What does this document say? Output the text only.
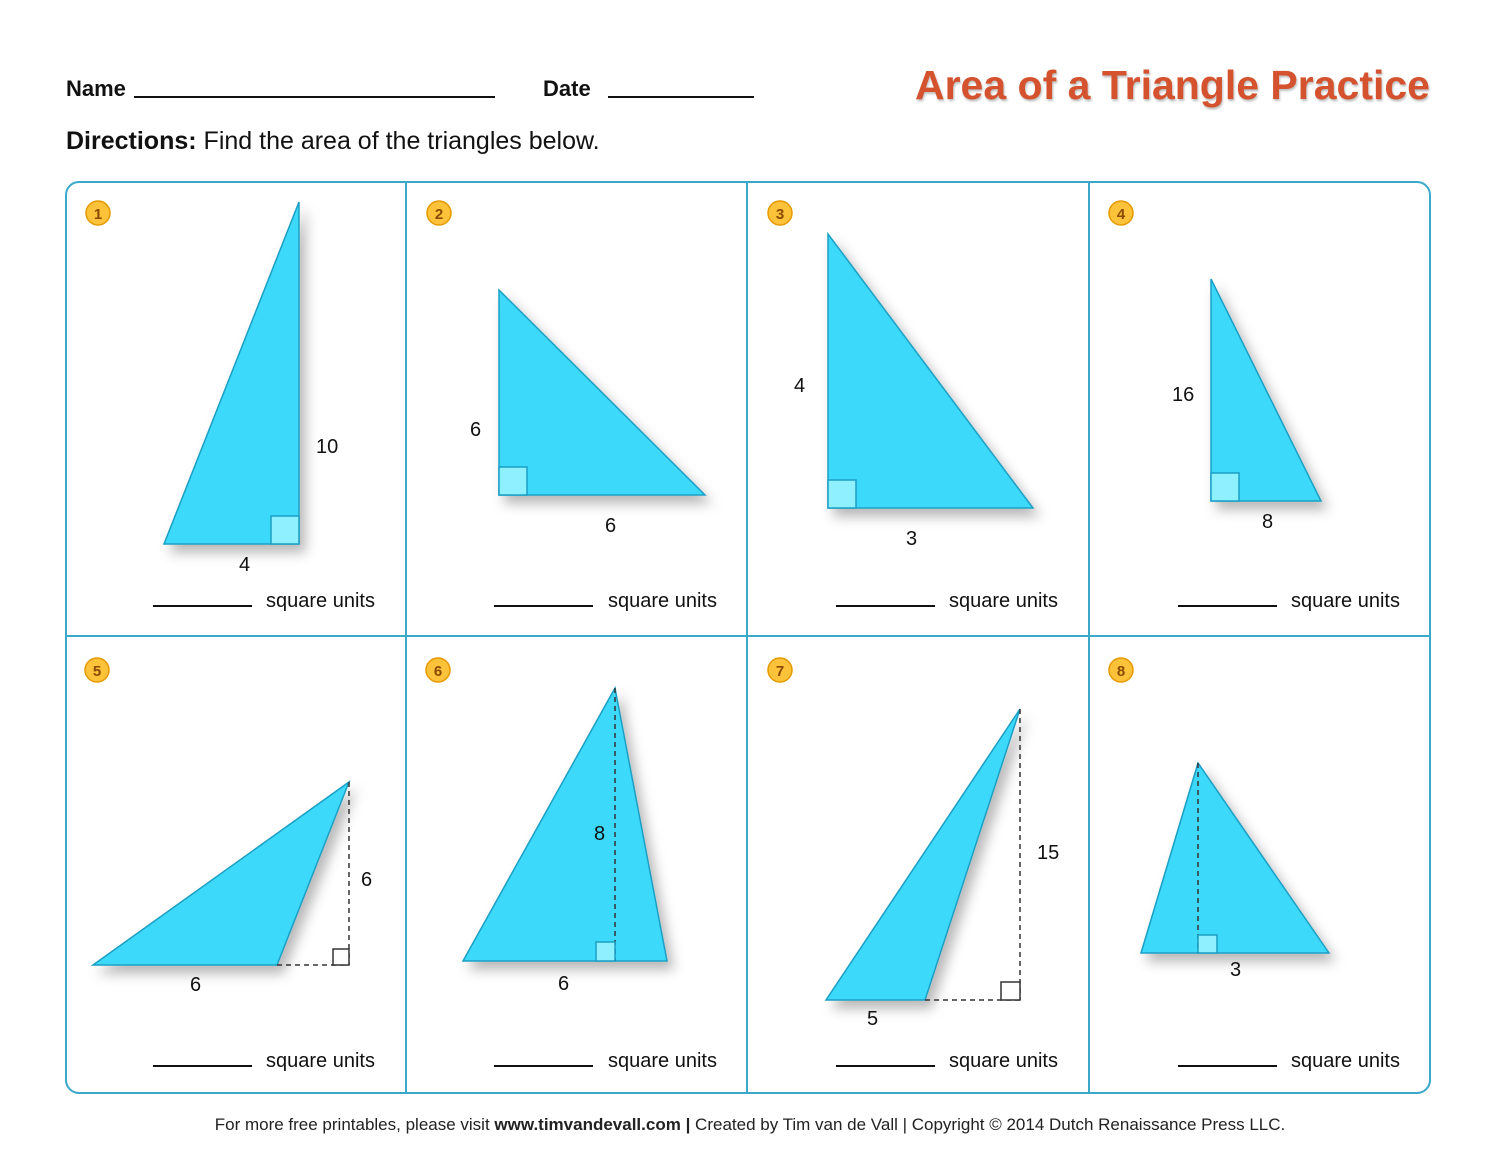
Name	Date	Area of a Triangle Practice
Directions: Find the area of the triangles below.
1
10
4
square units
2
6
6
square units
3
4
3
square units
4
16
8
square units
5
6
6
square units
6
8
6
square units
7
15
5
square units
8
3
square units
For more free printables, please visit www.timvandevall.com | Created by Tim van de Vall | Copyright © 2014 Dutch Renaissance Press LLC.
